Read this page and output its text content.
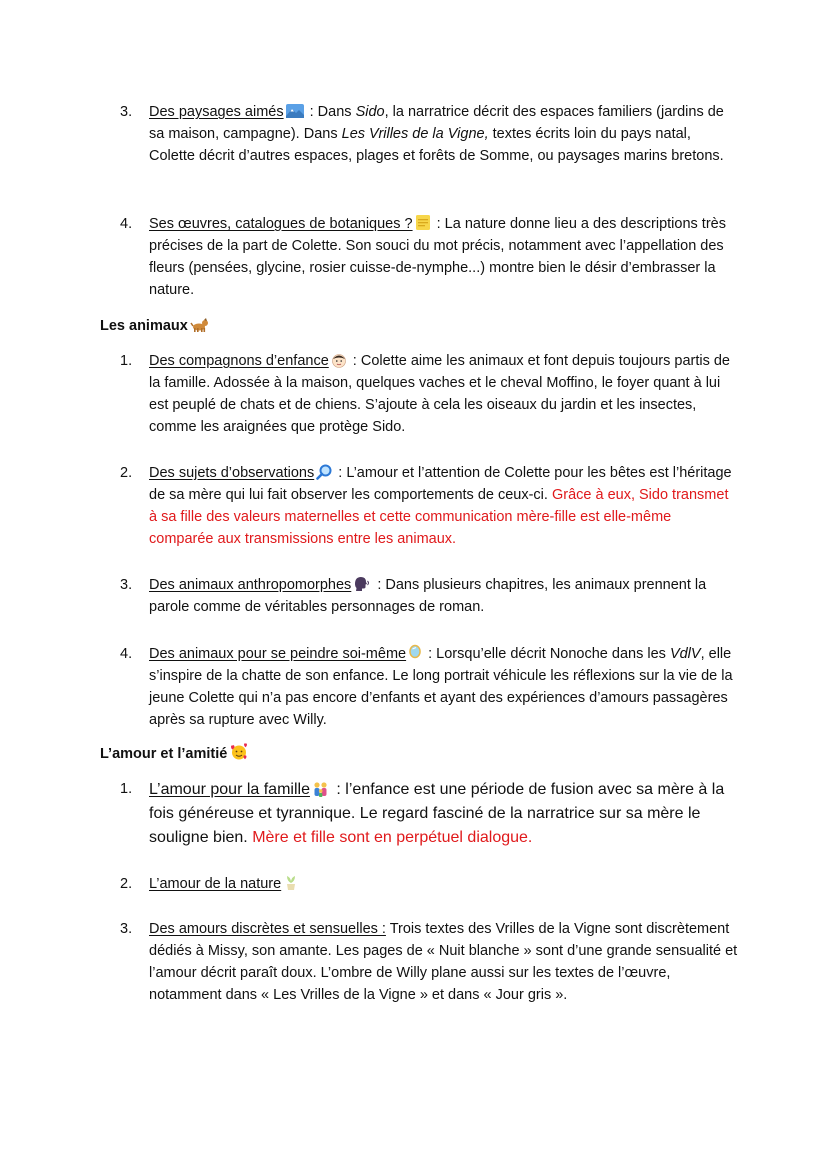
3.	Des paysages aimés
: Dans Sido, la narratrice décrit des espaces familiers (jardins de sa maison, campagne). Dans Les Vrilles de la Vigne, textes écrits loin du pays natal, Colette décrit d’autres espaces, plages et forêts de Somme, ou paysages marins bretons.
4.	Ses œuvres, catalogues de botaniques ?
: La nature donne lieu a des descriptions très précises de la part de Colette. Son souci du mot précis, notamment avec l’appellation des fleurs (pensées, glycine, rosier cuisse-de-nymphe...) montre bien le désir d’embrasser la nature.
Les animaux
1.	Des compagnons d’enfance
: Colette aime les animaux et font depuis toujours partis de la famille. Adossée à la maison, quelques vaches et le cheval Moffino, le foyer quant à lui est peuplé de chats et de chiens. S’ajoute à cela les oiseaux du jardin et les insectes, comme les araignées que protège Sido.
2.	Des sujets d’observations
: L’amour et l’attention de Colette pour les bêtes est l’héritage de sa mère qui lui fait observer les comportements de ceux-ci. Grâce à eux, Sido transmet à sa fille des valeurs maternelles et cette communication mère-fille est elle-même comparée aux transmissions entre les animaux.
3.	Des animaux anthropomorphes
: Dans plusieurs chapitres, les animaux prennent la parole comme de véritables personnages de roman.
4.	Des animaux pour se peindre soi-même
: Lorsqu’elle décrit Nonoche dans les VdlV, elle s’inspire de la chatte de son enfance. Le long portrait véhicule les réflexions sur la vie de la jeune Colette qui n’a pas encore d’enfants et ayant des expériences d’amours passagères après sa rupture avec Willy.
L’amour et l’amitié
1.	L’amour pour la famille
: l’enfance est une période de fusion avec sa mère à la fois généreuse et tyrannique. Le regard fasciné de la narratrice sur sa mère le souligne bien. Mère et fille sont en perpétuel dialogue.
2.	L’amour de la nature
3.	Des amours discrètes et sensuelles : Trois textes des Vrilles de la Vigne sont discrètement dédiés à Missy, son amante. Les pages de « Nuit blanche » sont d’une grande sensualité et l’amour décrit paraît doux. L’ombre de Willy plane aussi sur les textes de l’œuvre, notamment dans « Les Vrilles de la Vigne » et dans « Jour gris ».
